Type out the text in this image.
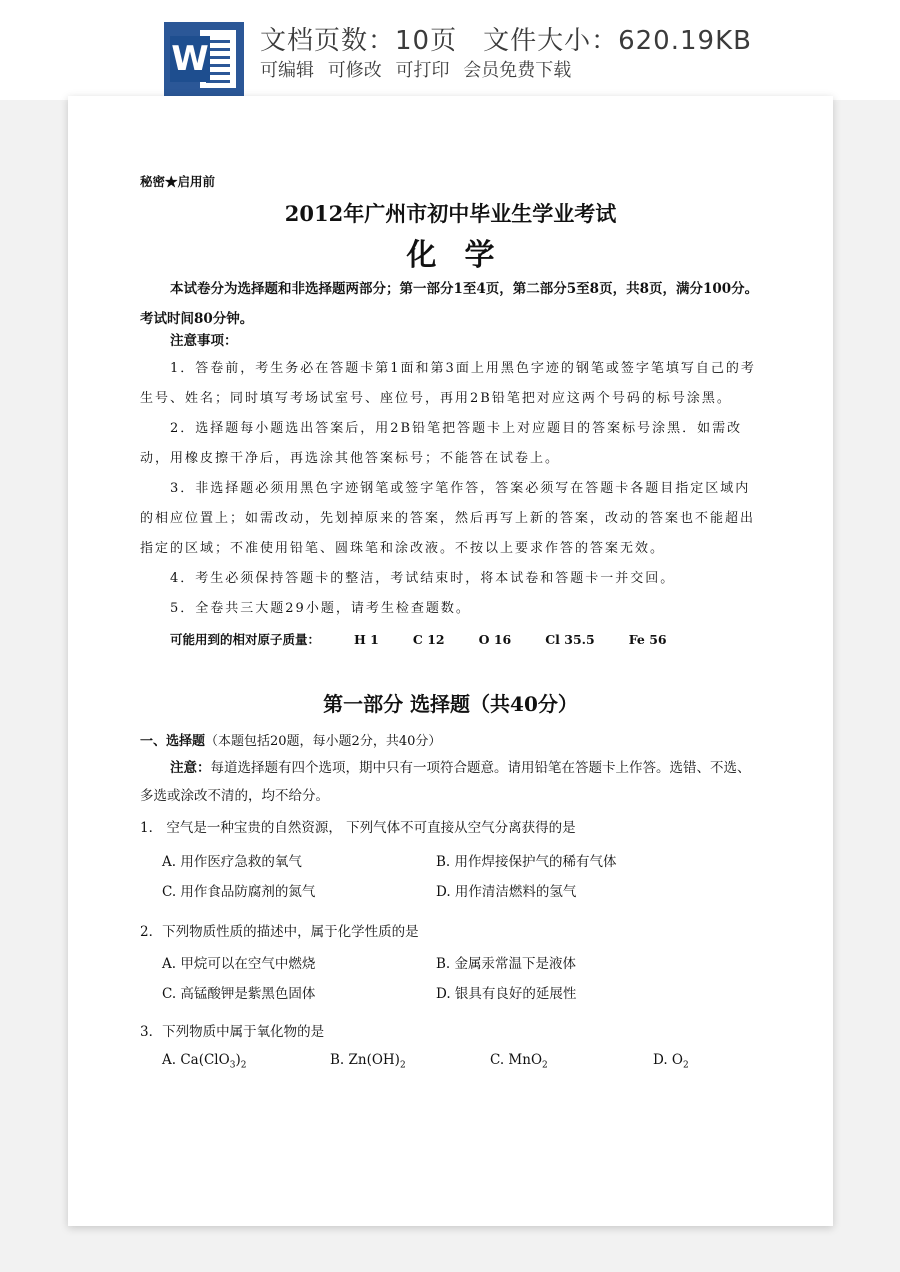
W 文档页数：10页 文件大小：620.19KB
可编辑 可修改 可打印 会员免费下载
秘密★启用前
2012年广州市初中毕业生学业考试
化学
本试卷分为选择题和非选择题两部分；第一部分1至4页，第二部分5至8页，共8页，满分100分。考试时间80分钟。
注意事项：
1．答卷前，考生务必在答题卡第1面和第3面上用黑色字迹的钢笔或签字笔填写自己的考生号、姓名；同时填写考场试室号、座位号，再用2B铅笔把对应这两个号码的标号涂黑。
2．选择题每小题选出答案后，用2B铅笔把答题卡上对应题目的答案标号涂黑．如需改动，用橡皮擦干净后，再选涂其他答案标号；不能答在试卷上。
3．非选择题必须用黑色字迹钢笔或签字笔作答，答案必须写在答题卡各题目指定区域内的相应位置上；如需改动，先划掉原来的答案，然后再写上新的答案，改动的答案也不能超出指定的区域；不准使用铅笔、圆珠笔和涂改液。不按以上要求作答的答案无效。
4．考生必须保持答题卡的整洁，考试结束时，将本试卷和答题卡一并交回。
5．全卷共三大题29小题，请考生检查题数。
可能用到的相对原子质量：	H 1	C 12	O 16	Cl 35.5	Fe 56
第一部分 选择题（共40分）
一、选择题（本题包括20题，每小题2分，共40分）
注意：每道选择题有四个选项，期中只有一项符合题意。请用铅笔在答题卡上作答。选错、不选、多选或涂改不清的，均不给分。
1． 空气是一种宝贵的自然资源， 下列气体不可直接从空气分离获得的是
A. 用作医疗急救的氧气	B. 用作焊接保护气的稀有气体
C. 用作食品防腐剂的氮气	D. 用作清洁燃料的氢气
2．下列物质性质的描述中，属于化学性质的是
A. 甲烷可以在空气中燃烧	B. 金属汞常温下是液体
C. 高锰酸钾是紫黑色固体	D. 银具有良好的延展性
3．下列物质中属于氧化物的是
A. $Ca(ClO_3)_2$	B. $Zn(OH)_2$	C. MnO$_2$	D. $O_2$
